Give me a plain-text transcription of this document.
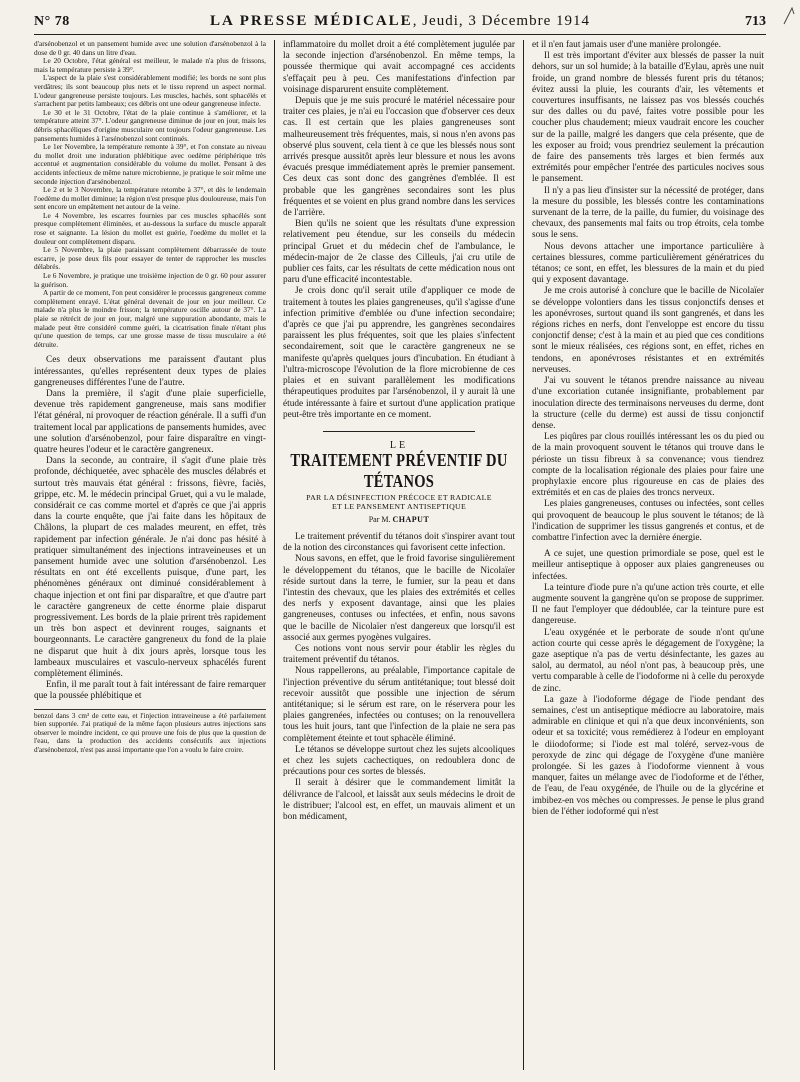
N° 78	LA PRESSE MÉDICALE, Jeudi, 3 Décembre 1914	713

d'arsénobenzol et un pansement humide avec une solution d'arsénobenzol à la dose de 0 gr. 40 dans un litre d'eau.

Le 20 Octobre, l'état général est meilleur, le malade n'a plus de frissons, mais la température persiste à 39°.

L'aspect de la plaie s'est considérablement modifié; les bords ne sont plus verdâtres; ils sont beaucoup plus nets et le tissu reprend un aspect normal. L'odeur gangreneuse persiste toujours. Les muscles, hachés, sont sphacélés et s'arrachent par petits lambeaux; ces débris ont une odeur gangreneuse infecte.

Le 30 et le 31 Octobre, l'état de la plaie continue à s'améliorer, et la température atteint 37°. L'odeur gangreneuse diminue de jour en jour, mais les débris sphacéliques d'origine musculaire ont toujours l'odeur gangreneuse. Les pansements humides à l'arsénobenzol sont continués.

Le 1er Novembre, la température remonte à 39°, et l'on constate au niveau du mollet droit une induration phlébitique avec oedème périphérique très accentué et augmentation considérable du volume du mollet. Pensant à des accidents infectieux de même nature microbienne, je pratique le soir même une seconde injection d'arsénobenzol.

Le 2 et le 3 Novembre, la température retombe à 37°, et dès le lendemain l'oedème du mollet diminue; la région n'est presque plus douloureuse, mais l'on sent encore un empâtement net autour de la veine.

Le 4 Novembre, les escarres fournies par ces muscles sphacélés sont presque complètement éliminées, et au-dessous la surface du muscle apparaît rose et saignante. La lésion du mollet est guérie, l'oedème du mollet et la douleur ont complètement disparu.

Le 5 Novembre, la plaie paraissant complètement débarrassée de toute escarre, je pose deux fils pour essayer de tenter de rapprocher les muscles délabrés.

Le 6 Novembre, je pratique une troisième injection de 0 gr. 60 pour assurer la guérison.

A partir de ce moment, l'on peut considérer le processus gangreneux comme complètement enrayé. L'état général devenait de jour en jour meilleur. Ce malade n'a plus le moindre frisson; la température oscille autour de 37°. La plaie se rétrécit de jour en jour, malgré une suppuration abondante, mais le malade peut être considéré comme guéri, la cicatrisation finale n'étant plus qu'une question de temps, car une grosse masse de tissu musculaire a été détruite.

Ces deux observations me paraissent d'autant plus intéressantes, qu'elles représentent deux types de plaies gangreneuses différentes l'une de l'autre.

Dans la première, il s'agit d'une plaie superficielle, devenue très rapidement gangreneuse, mais sans modifier l'état général, ni provoquer de réaction générale. Il a suffi d'un traitement local par applications de pansements humides, avec une solution d'arsénobenzol, pour faire disparaître en vingt-quatre heures l'odeur et le caractère gangreneux.

Dans la seconde, au contraire, il s'agit d'une plaie très profonde, déchiquetée, avec sphacèle des muscles délabrés et surtout très mauvais état général : frissons, fièvre, faciès, grippe, etc. M. le médecin principal Gruet, qui a vu le malade, considérait ce cas comme mortel et d'après ce que j'ai appris dans la courte enquête, que j'ai faite dans les hôpitaux de Châlons, la plupart de ces malades meurent, en effet, très rapidement par infection générale. Je n'ai donc pas hésité à pratiquer simultanément des injections intraveineuses et un pansement humide avec une solution d'arsénobenzol. Les résultats en ont été excellents puisque, d'une part, les phénomènes généraux ont diminué considérablement à chaque injection et ont fini par disparaître, et que d'autre part le caractère gangreneux de cette énorme plaie disparut progressivement. Les bords de la plaie prirent très rapidement un très bon aspect et devinrent rouges, saignants et bourgeonnants. Le caractère gangreneux du fond de la plaie ne disparut que huit à dix jours après, lorsque tous les lambeaux musculaires et vasculo-nerveux sphacélés furent complètement éliminés.

Enfin, il me paraît tout à fait intéressant de faire remarquer que la poussée phlébitique et

benzol dans 3 cm³ de cette eau, et l'injection intraveineuse a été parfaitement bien supportée. J'ai pratiqué de la même façon plusieurs autres injections sans observer le moindre incident, ce qui prouve une fois de plus que la question de l'eau, dans la production des accidents consécutifs aux injections d'arsénobenzol, n'est pas aussi importante que l'on a voulu le faire croire.

inflammatoire du mollet droit a été complètement jugulée par la seconde injection d'arsénobenzol. En même temps, la poussée thermique qui avait accompagné ces accidents s'effaçait peu à peu. Ces manifestations d'infection par voisinage disparurent ensuite complètement.

Depuis que je me suis procuré le matériel nécessaire pour traiter ces plaies, je n'ai eu l'occasion que d'observer ces deux cas. Il est certain que les plaies gangreneuses sont malheureusement très fréquentes, mais, si nous n'en avons pas observé plus souvent, cela tient à ce que les blessés nous sont arrivés presque aussitôt après leur blessure et nous les avons évacués presque immédiatement après le premier pansement. Ces deux cas sont donc des gangrènes d'emblée. Il est probable que les gangrènes secondaires sont les plus fréquentes et se voient en plus grand nombre dans les services de l'arrière.

Bien qu'ils ne soient que les résultats d'une expression relativement peu étendue, sur les conseils du médecin principal Gruet et du médecin chef de l'ambulance, le médecin-major de 2e classe des Cilleuls, j'ai cru utile de publier ces faits, car les résultats de cette médication nous ont paru d'une efficacité incontestable.

Je crois donc qu'il serait utile d'appliquer ce mode de traitement à toutes les plaies gangreneuses, qu'il s'agisse d'une infection primitive d'emblée ou d'une infection secondaire; d'après ce que j'ai pu apprendre, les gangrènes secondaires paraissent les plus fréquentes, soit que les plaies s'infectent secondairement, soit que le caractère gangreneux ne se manifeste qu'après quelques jours d'incubation. En étudiant à l'ultra-microscope l'évolution de la flore microbienne de ces plaies et en suivant parallèlement les modifications thérapeutiques produites par l'arsénobenzol, il y aurait là une étude intéressante à faire et surtout d'une application pratique peut-être très importante en ce moment.

LE
TRAITEMENT PRÉVENTIF DU TÉTANOS
PAR LA DÉSINFECTION PRÉCOCE ET RADICALE
ET LE PANSEMENT ANTISEPTIQUE
Par M. CHAPUT

Le traitement préventif du tétanos doit s'inspirer avant tout de la notion des circonstances qui favorisent cette infection.

Nous savons, en effet, que le froid favorise singulièrement le développement du tétanos, que le bacille de Nicolaïer réside surtout dans la terre, le fumier, sur la peau et dans l'intestin des chevaux, que les plaies des extrémités et celles des nerfs y exposent davantage, ainsi que les plaies gangreneuses, contuses ou infectées, et enfin, nous savons que le bacille de Nicolaïer n'est dangereux que lorsqu'il est associé aux germes pyogènes vulgaires.

Ces notions vont nous servir pour établir les règles du traitement préventif du tétanos.

Nous rappellerons, au préalable, l'importance capitale de l'injection préventive du sérum antitétanique; tout blessé doit recevoir aussitôt que possible une injection de sérum antitétanique; si le sérum est rare, on le réservera pour les plaies gangrenées, infectées ou contuses; on la renouvellera tous les huit jours, tant que l'infection de la plaie ne sera pas complètement éteinte et tout sphacèle éliminé.

Le tétanos se développe surtout chez les sujets alcooliques et chez les sujets cachectiques, on redoublera donc de précautions pour ces sortes de blessés.

Il serait à désirer que le commandement limitât la délivrance de l'alcool, et laissât aux seuls médecins le droit de le distribuer; l'alcool est, en effet, un mauvais aliment et un bon médicament,

et il n'en faut jamais user d'une manière prolongée.

Il est très important d'éviter aux blessés de passer la nuit dehors, sur un sol humide; à la bataille d'Eylau, après une nuit froide, un grand nombre de blessés furent pris du tétanos; évitez aussi la pluie, les courants d'air, les vêtements et couvertures insuffisants, ne laissez pas vos blessés couchés sur des dalles ou du pavé, faites votre possible pour les coucher plus chaudement; mieux vaudrait encore les coucher sur de la paille, malgré les dangers que cela présente, que de les exposer au froid; vous prendriez seulement la précaution de faire des pansements très larges et bien fermés aux extrémités pour empêcher l'entrée des particules nocives sous le pansement.

Il n'y a pas lieu d'insister sur la nécessité de protéger, dans la mesure du possible, les blessés contre les contaminations survenant de la terre, de la paille, du fumier, du voisinage des chevaux, des pansements mal faits ou trop étroits, cela tombe sous le sens.

Nous devons attacher une importance particulière à certaines blessures, comme particulièrement génératrices du tétanos; ce sont, en effet, les blessures de la main et du pied qui y exposent davantage.

Je me crois autorisé à conclure que le bacille de Nicolaïer se développe volontiers dans les tissus conjonctifs denses et les aponévroses, surtout quand ils sont gangrenés, et dans les régions riches en nerfs, dont l'enveloppe est encore du tissu conjonctif dense; c'est à la main et au pied que ces conditions sont le mieux réalisées, ces régions sont, en effet, riches en tendons, en aponévroses résistantes et en extrémités nerveuses.

J'ai vu souvent le tétanos prendre naissance au niveau d'une excoriation cutanée insignifiante, probablement par inoculation directe des terminaisons nerveuses du derme, dont la structure (celle du derme) est aussi de tissu conjonctif dense.

Les piqûres par clous rouillés intéressant les os du pied ou de la main provoquent souvent le tétanos qui trouve dans le périoste un tissu fibreux à sa convenance; vous tiendrez compte de la localisation régionale des plaies pour faire une prophylaxie encore plus rigoureuse en cas de plaies des extrémités et en cas de plaies des troncs nerveux.

Les plaies gangreneuses, contuses ou infectées, sont celles qui provoquent de beaucoup le plus souvent le tétanos; de là l'indication de supprimer les tissus gangrenés et contus, et de combattre l'infection avec la dernière énergie.

A ce sujet, une question primordiale se pose, quel est le meilleur antiseptique à opposer aux plaies gangreneuses ou infectées.

La teinture d'iode pure n'a qu'une action très courte, et elle augmente souvent la gangrène qu'on se propose de supprimer. Il ne faut l'employer que dédoublée, car la teinture pure est dangereuse.

L'eau oxygénée et le perborate de soude n'ont qu'une action courte qui cesse après le dégagement de l'oxygène; la gaze aseptique n'a pas de vertu désinfectante, les gazes au salol, au dermatol, au néol n'ont pas, à beaucoup près, une vertu comparable à celle de l'iodoforme ni à celle du peroxyde de zinc.

La gaze à l'iodoforme dégage de l'iode pendant des semaines, c'est un antiseptique médiocre au laboratoire, mais admirable en clinique et qui n'a que deux inconvénients, son odeur et sa toxicité; vous remédierez à l'odeur en employant le diiodoforme; si l'iode est mal toléré, servez-vous de peroxyde de zinc qui dégage de l'oxygène d'une manière prolongée. Si les gazes à l'iodoforme viennent à vous manquer, faites un mélange avec de l'iodoforme et de l'éther, de l'eau, de l'eau oxygénée, de l'huile ou de la glycérine et imbibez-en vos mèches ou compresses. Je pense le plus grand bien de l'éther iodoformé qui n'est
